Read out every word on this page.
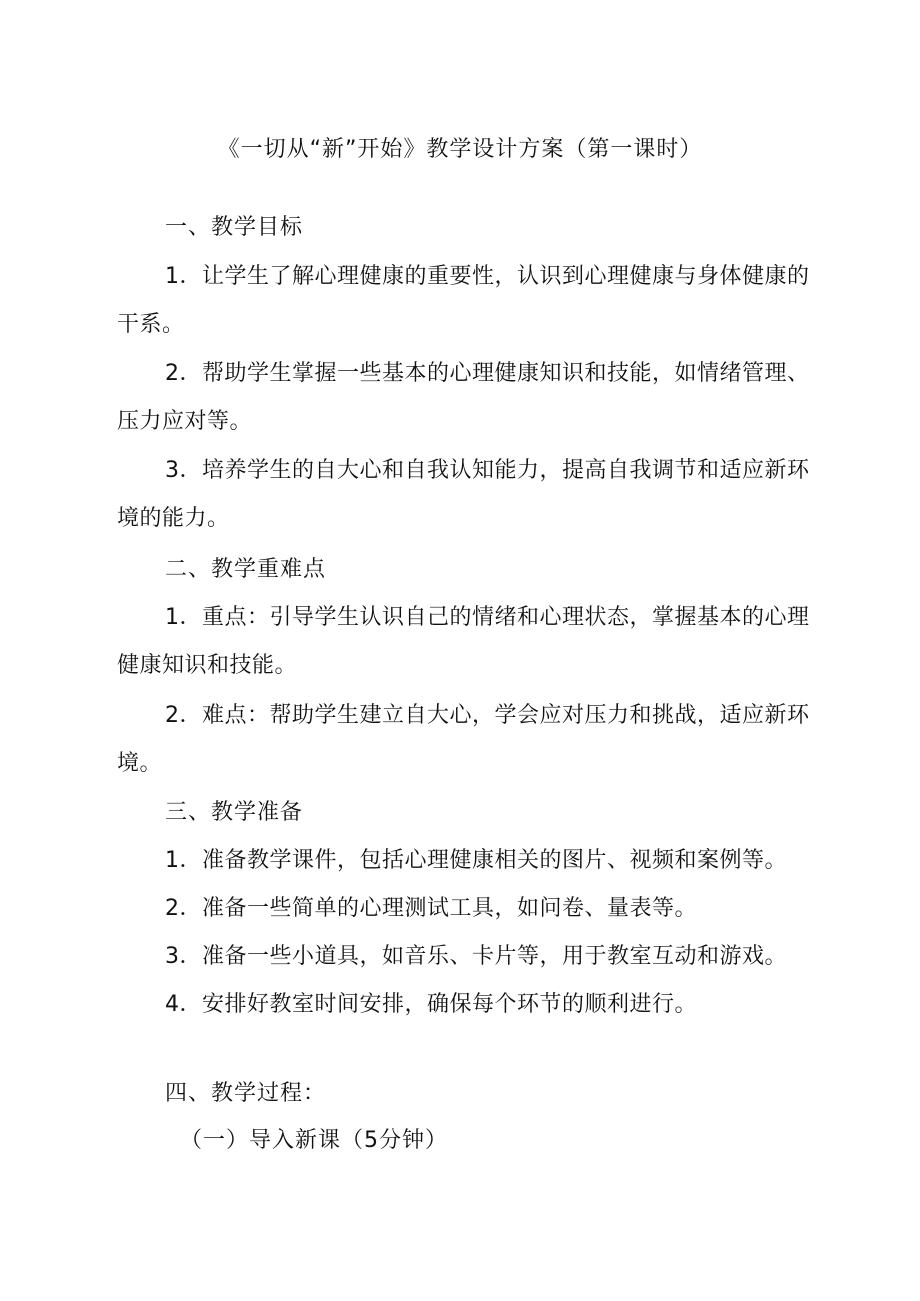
《一切从“新”开始》教学设计方案（第一课时）
一、教学目标

1．让学生了解心理健康的重要性，认识到心理健康与身体健康的干系。

2．帮助学生掌握一些基本的心理健康知识和技能，如情绪管理、压力应对等。

3．培养学生的自大心和自我认知能力，提高自我调节和适应新环境的能力。

二、教学重难点

1．重点：引导学生认识自己的情绪和心理状态，掌握基本的心理健康知识和技能。

2．难点：帮助学生建立自大心，学会应对压力和挑战，适应新环境。

三、教学准备

1．准备教学课件，包括心理健康相关的图片、视频和案例等。

2．准备一些简单的心理测试工具，如问卷、量表等。

3．准备一些小道具，如音乐、卡片等，用于教室互动和游戏。

4．安排好教室时间安排，确保每个环节的顺利进行。

四、教学过程：
（一）导入新课（5分钟）
